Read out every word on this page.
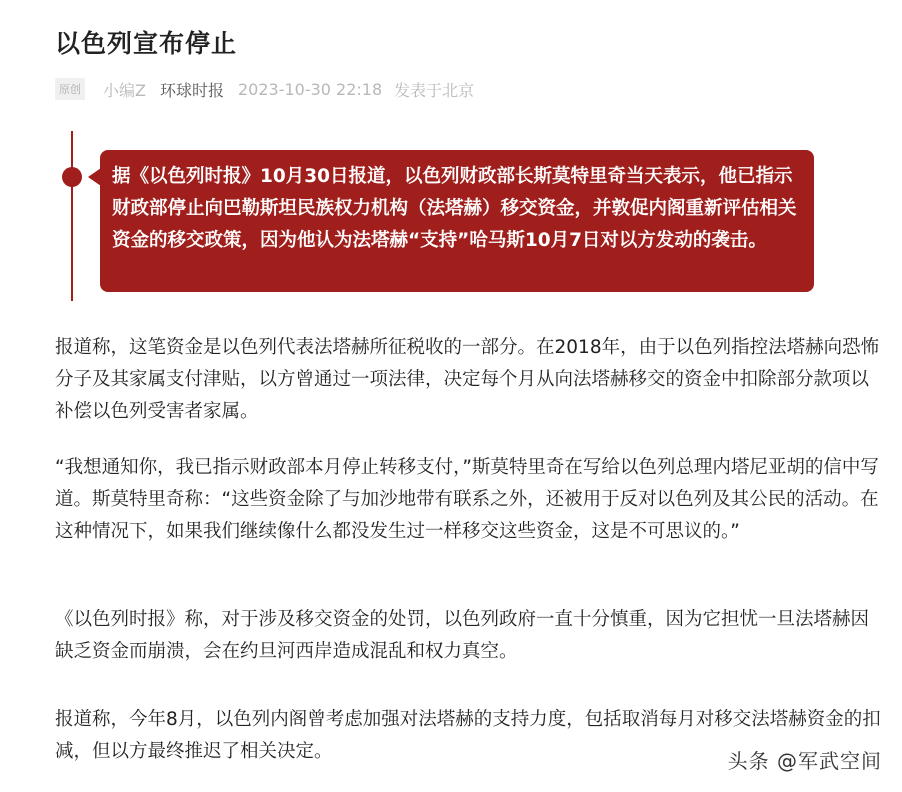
以色列宣布停止
原创 小编Z 环球时报 2023-10-30 22:18 发表于北京
据《以色列时报》10月30日报道，以色列财政部长斯莫特里奇当天表示，他已指示财政部停止向巴勒斯坦民族权力机构（法塔赫）移交资金，并敦促内阁重新评估相关资金的移交政策，因为他认为法塔赫“支持”哈马斯10月7日对以方发动的袭击。

报道称，这笔资金是以色列代表法塔赫所征税收的一部分。在2018年，由于以色列指控法塔赫向恐怖分子及其家属支付津贴，以方曾通过一项法律，决定每个月从向法塔赫移交的资金中扣除部分款项以补偿以色列受害者家属。

“我想通知你，我已指示财政部本月停止转移支付，”斯莫特里奇在写给以色列总理内塔尼亚胡的信中写道。斯莫特里奇称：“这些资金除了与加沙地带有联系之外，还被用于反对以色列及其公民的活动。在这种情况下，如果我们继续像什么都没发生过一样移交这些资金，这是不可思议的。”

《以色列时报》称，对于涉及移交资金的处罚，以色列政府一直十分慎重，因为它担忧一旦法塔赫因缺乏资金而崩溃，会在约旦河西岸造成混乱和权力真空。

报道称，今年8月，以色列内阁曾考虑加强对法塔赫的支持力度，包括取消每月对移交法塔赫资金的扣减，但以方最终推迟了相关决定。	头条 @军武空间
